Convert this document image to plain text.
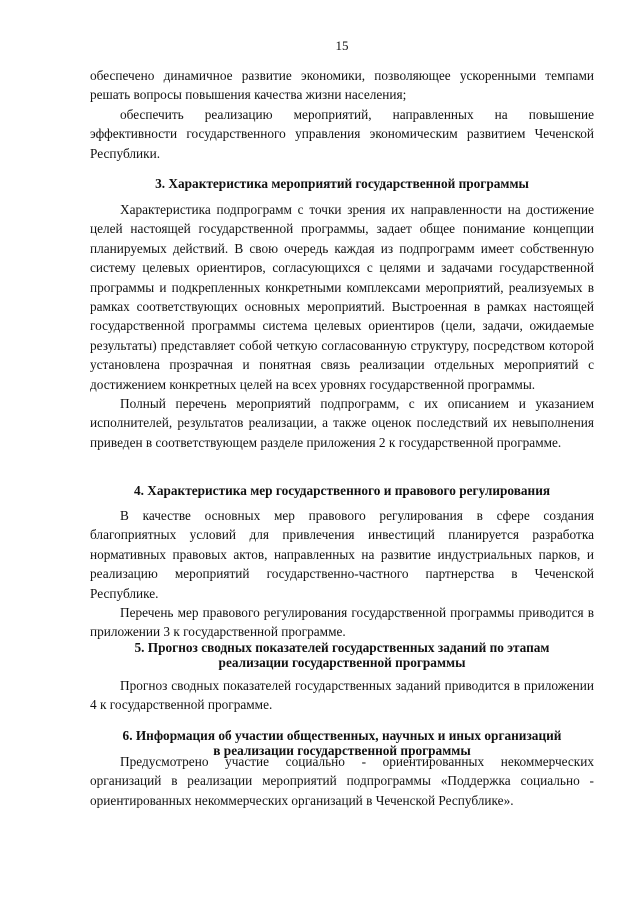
15

обеспечено динамичное развитие экономики, позволяющее ускоренными темпами решать вопросы повышения качества жизни населения;

обеспечить реализацию мероприятий, направленных на повышение эффективности государственного управления экономическим развитием Чеченской Республики.

3. Характеристика мероприятий государственной программы

Характеристика подпрограмм с точки зрения их направленности на достижение целей настоящей государственной программы, задает общее понимание концепции планируемых действий. В свою очередь каждая из подпрограмм имеет собственную систему целевых ориентиров, согласующихся с целями и задачами государственной программы и подкрепленных конкретными комплексами мероприятий, реализуемых в рамках соответствующих основных мероприятий. Выстроенная в рамках настоящей государственной программы система целевых ориентиров (цели, задачи, ожидаемые результаты) представляет собой четкую согласованную структуру, посредством которой установлена прозрачная и понятная связь реализации отдельных мероприятий с достижением конкретных целей на всех уровнях государственной программы.

Полный перечень мероприятий подпрограмм, с их описанием и указанием исполнителей, результатов реализации, а также оценок последствий их невыполнения приведен в соответствующем разделе приложения 2 к государственной программе.

4. Характеристика мер государственного и правового регулирования

В качестве основных мер правового регулирования в сфере создания благоприятных условий для привлечения инвестиций планируется разработка нормативных правовых актов, направленных на развитие индустриальных парков, и реализацию мероприятий государственно-частного партнерства в Чеченской Республике.

Перечень мер правового регулирования государственной программы приводится в приложении 3 к государственной программе.

5. Прогноз сводных показателей государственных заданий по этапам
реализации государственной программы

Прогноз сводных показателей государственных заданий приводится в приложении 4 к государственной программе.

6. Информация об участии общественных, научных и иных организаций
в реализации государственной программы

Предусмотрено участие социально - ориентированных некоммерческих организаций в реализации мероприятий подпрограммы «Поддержка социально - ориентированных некоммерческих организаций в Чеченской Республике».
